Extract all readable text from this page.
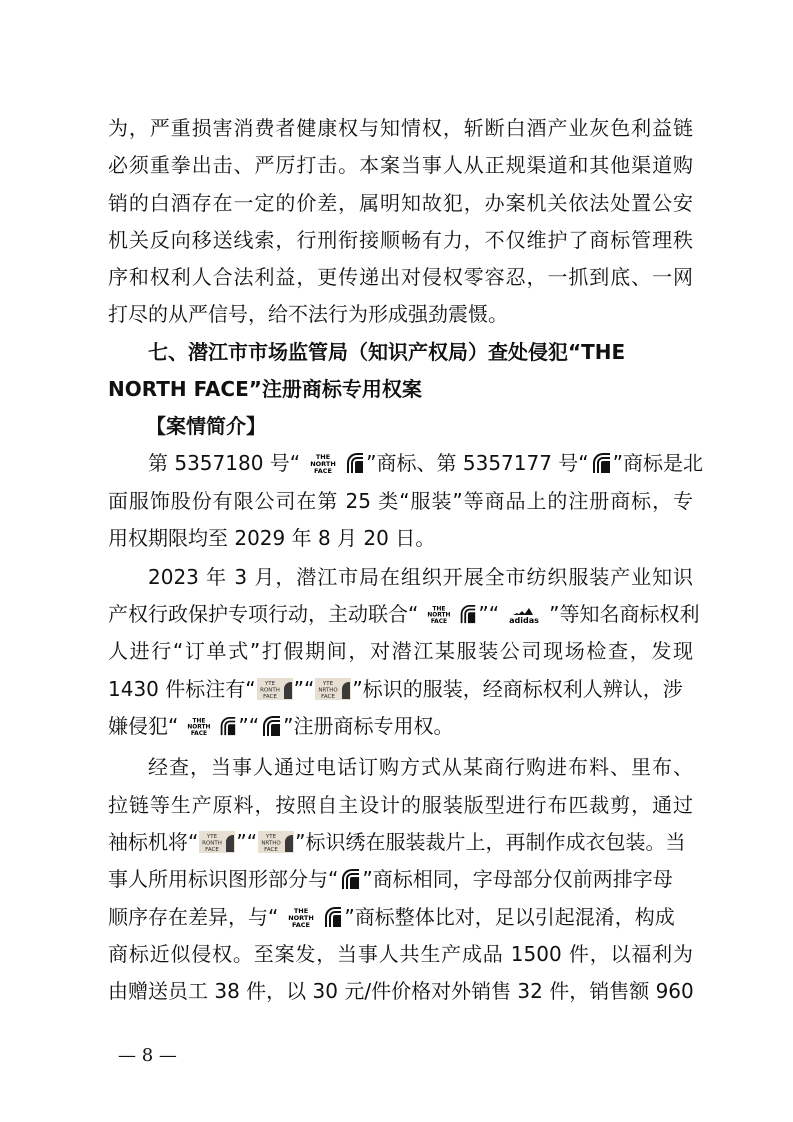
为，严重损害消费者健康权与知情权，斩断白酒产业灰色利益链
必须重拳出击、严厉打击。本案当事人从正规渠道和其他渠道购
销的白酒存在一定的价差，属明知故犯，办案机关依法处置公安
机关反向移送线索，行刑衔接顺畅有力，不仅维护了商标管理秩
序和权利人合法利益，更传递出对侵权零容忍，一抓到底、一网
打尽的从严信号，给不法行为形成强劲震慑。
七、潜江市市场监管局（知识产权局）查处侵犯“THE
NORTH FACE”注册商标专用权案
【案情简介】
第 5357180 号“ THE
NORTH
FACE ”商标、第 5357177 号“ ”商标是北
面服饰股份有限公司在第 25 类“服装”等商品上的注册商标，专
用权期限均至 2029 年 8 月 20 日。
2023 年 3 月，潜江市局在组织开展全市纺织服装产业知识
产权行政保护专项行动，主动联合“ THE
NORTH
FACE ”“ adidas ”等知名商标权利
人进行“订单式”打假期间，对潜江某服装公司现场检查，发现
1430 件标注有“ YTE
RONTH
FACE ”“ YTE
NRTHO
FACE ”标识的服装，经商标权利人辨认，涉
嫌侵犯“ THE
NORTH
FACE ”“ ”注册商标专用权。
经查，当事人通过电话订购方式从某商行购进布料、里布、
拉链等生产原料，按照自主设计的服装版型进行布匹裁剪，通过
袖标机将“ YTE
RONTH
FACE ”“ YTE
NRTHO
FACE ”标识绣在服装裁片上，再制作成衣包装。当
事人所用标识图形部分与“ ”商标相同，字母部分仅前两排字母
顺序存在差异，与“ THE
NORTH
FACE ”商标整体比对，足以引起混淆，构成
商标近似侵权。至案发，当事人共生产成品 1500 件，以福利为
由赠送员工 38 件，以 30 元/件价格对外销售 32 件，销售额 960
— 8 —
